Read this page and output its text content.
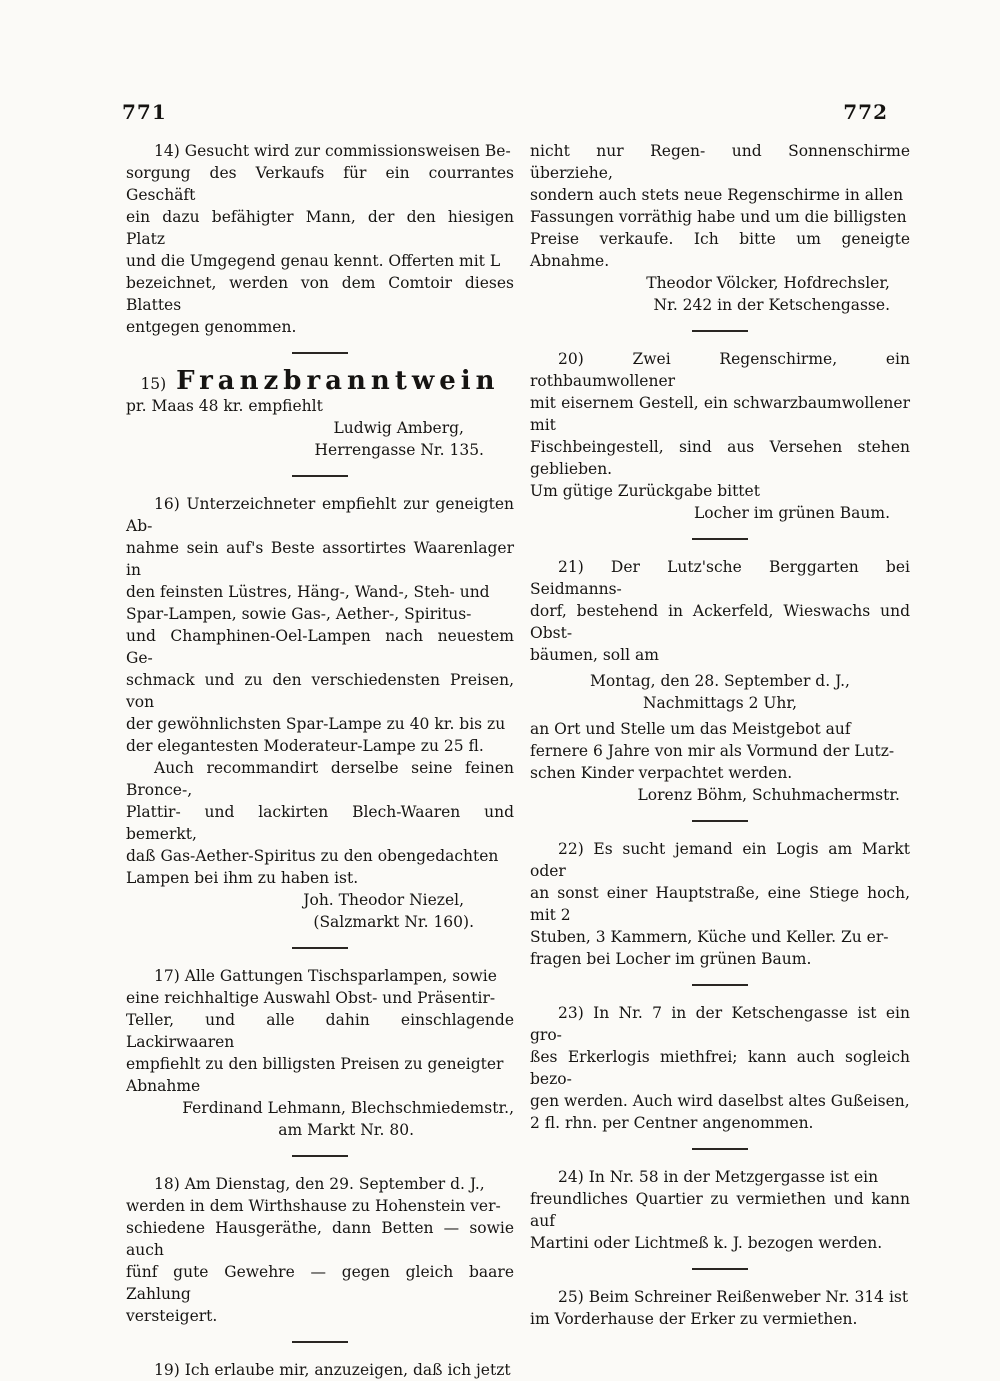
771	772

14) Gesucht wird zur commissionsweisen Be-

sorgung des Verkaufs für ein courrantes Geschäft

ein dazu befähigter Mann, der den hiesigen Platz

und die Umgegend genau kennt. Offerten mit L

bezeichnet, werden von dem Comtoir dieses Blattes

entgegen genommen.

15) Franzbranntwein

pr. Maas 48 kr. empfiehlt

Ludwig Amberg,

Herrengasse Nr. 135.

16) Unterzeichneter empfiehlt zur geneigten Ab-

nahme sein auf's Beste assortirtes Waarenlager in

den feinsten Lüstres, Häng-, Wand-, Steh- und

Spar-Lampen, sowie Gas-, Aether-, Spiritus-

und Champhinen-Oel-Lampen nach neuestem Ge-

schmack und zu den verschiedensten Preisen, von

der gewöhnlichsten Spar-Lampe zu 40 kr. bis zu

der elegantesten Moderateur-Lampe zu 25 fl.

Auch recommandirt derselbe seine feinen Bronce-,

Plattir- und lackirten Blech-Waaren und bemerkt,

daß Gas-Aether-Spiritus zu den obengedachten

Lampen bei ihm zu haben ist.

Joh. Theodor Niezel,

(Salzmarkt Nr. 160).

17) Alle Gattungen Tischsparlampen, sowie

eine reichhaltige Auswahl Obst- und Präsentir-

Teller, und alle dahin einschlagende Lackirwaaren

empfiehlt zu den billigsten Preisen zu geneigter

Abnahme

Ferdinand Lehmann, Blechschmiedemstr.,

am Markt Nr. 80.

18) Am Dienstag, den 29. September d. J.,

werden in dem Wirthshause zu Hohenstein ver-

schiedene Hausgeräthe, dann Betten — sowie auch

fünf gute Gewehre — gegen gleich baare Zahlung

versteigert.

19) Ich erlaube mir, anzuzeigen, daß ich jetzt

nicht nur Regen- und Sonnenschirme überziehe,

sondern auch stets neue Regenschirme in allen

Fassungen vorräthig habe und um die billigsten

Preise verkaufe. Ich bitte um geneigte Abnahme.

Theodor Völcker, Hofdrechsler,

Nr. 242 in der Ketschengasse.

20) Zwei Regenschirme, ein rothbaumwollener

mit eisernem Gestell, ein schwarzbaumwollener mit

Fischbeingestell, sind aus Versehen stehen geblieben.

Um gütige Zurückgabe bittet

Locher im grünen Baum.

21) Der Lutz'sche Berggarten bei Seidmanns-

dorf, bestehend in Ackerfeld, Wieswachs und Obst-

bäumen, soll am

Montag, den 28. September d. J.,

Nachmittags 2 Uhr,

an Ort und Stelle um das Meistgebot auf

fernere 6 Jahre von mir als Vormund der Lutz-

schen Kinder verpachtet werden.

Lorenz Böhm, Schuhmachermstr.

22) Es sucht jemand ein Logis am Markt oder

an sonst einer Hauptstraße, eine Stiege hoch, mit 2

Stuben, 3 Kammern, Küche und Keller. Zu er-

fragen bei Locher im grünen Baum.

23) In Nr. 7 in der Ketschengasse ist ein gro-

ßes Erkerlogis miethfrei; kann auch sogleich bezo-

gen werden. Auch wird daselbst altes Gußeisen,

2 fl. rhn. per Centner angenommen.

24) In Nr. 58 in der Metzgergasse ist ein

freundliches Quartier zu vermiethen und kann auf

Martini oder Lichtmeß k. J. bezogen werden.

25) Beim Schreiner Reißenweber Nr. 314 ist

im Vorderhause der Erker zu vermiethen.
